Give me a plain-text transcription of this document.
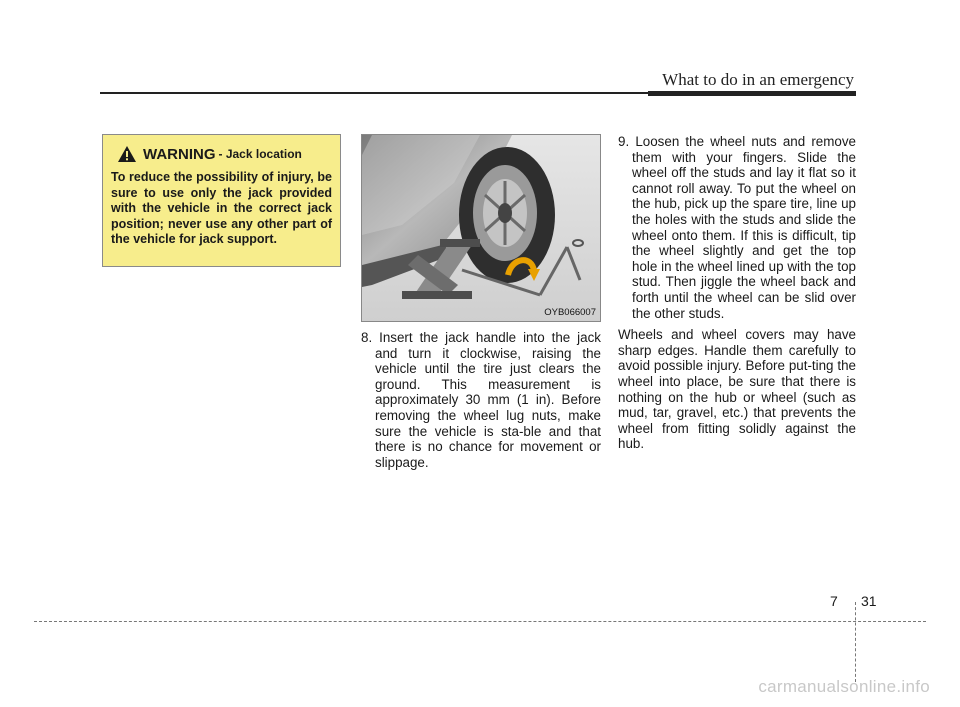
What to do in an emergency
WARNING - Jack location

To reduce the possibility of injury, be sure to use only the jack provided with the vehicle in the correct jack position; never use any other part of the vehicle for jack support.

OYB066007

8. Insert the jack handle into the jack and turn it clockwise, raising the vehicle until the tire just clears the ground. This measurement is approximately 30 mm (1 in). Before removing the wheel lug nuts, make sure the vehicle is sta-ble and that there is no chance for movement or slippage.

9. Loosen the wheel nuts and remove them with your fingers. Slide the wheel off the studs and lay it flat so it cannot roll away. To put the wheel on the hub, pick up the spare tire, line up the holes with the studs and slide the wheel onto them. If this is difficult, tip the wheel slightly and get the top hole in the wheel lined up with the top stud. Then jiggle the wheel back and forth until the wheel can be slid over the other studs.

Wheels and wheel covers may have sharp edges. Handle them carefully to avoid possible injury. Before put-ting the wheel into place, be sure that there is nothing on the hub or wheel (such as mud, tar, gravel, etc.) that prevents the wheel from fitting solidly against the hub.

7 31
carmanualsonline.info
